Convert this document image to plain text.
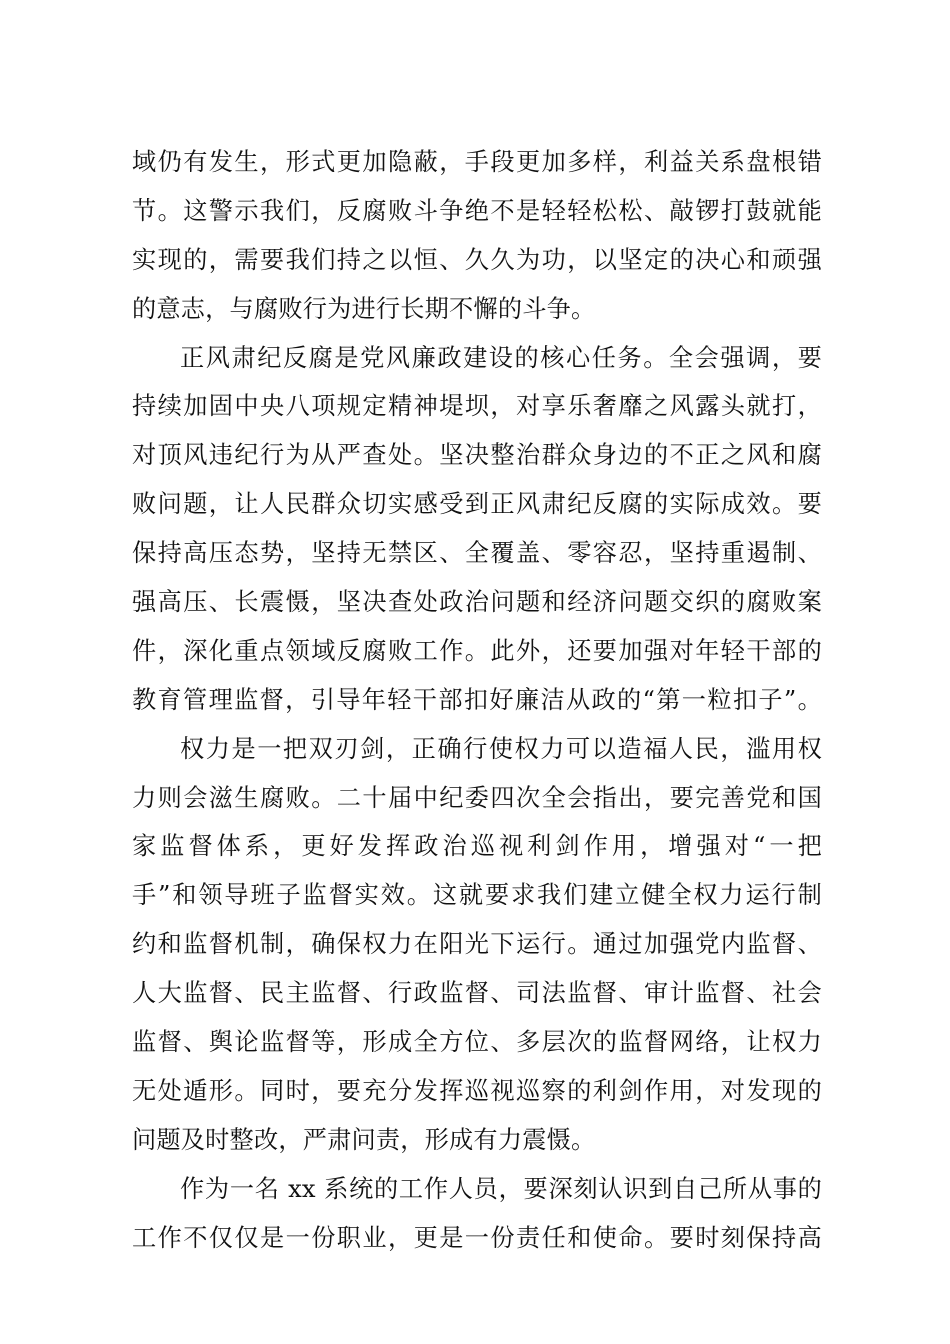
域仍有发生，形式更加隐蔽，手段更加多样，利益关系盘根错
节。这警示我们，反腐败斗争绝不是轻轻松松、敲锣打鼓就能
实现的，需要我们持之以恒、久久为功，以坚定的决心和顽强
的意志，与腐败行为进行长期不懈的斗争。
正风肃纪反腐是党风廉政建设的核心任务。全会强调，要
持续加固中央八项规定精神堤坝，对享乐奢靡之风露头就打，
对顶风违纪行为从严查处。坚决整治群众身边的不正之风和腐
败问题，让人民群众切实感受到正风肃纪反腐的实际成效。要
保持高压态势，坚持无禁区、全覆盖、零容忍，坚持重遏制、
强高压、长震慑，坚决查处政治问题和经济问题交织的腐败案
件，深化重点领域反腐败工作。此外，还要加强对年轻干部的
教育管理监督，引导年轻干部扣好廉洁从政的“第一粒扣子”。
权力是一把双刃剑，正确行使权力可以造福人民，滥用权
力则会滋生腐败。二十届中纪委四次全会指出，要完善党和国
家监督体系，更好发挥政治巡视利剑作用，增强对“一把
手”和领导班子监督实效。这就要求我们建立健全权力运行制
约和监督机制，确保权力在阳光下运行。通过加强党内监督、
人大监督、民主监督、行政监督、司法监督、审计监督、社会
监督、舆论监督等，形成全方位、多层次的监督网络，让权力
无处遁形。同时，要充分发挥巡视巡察的利剑作用，对发现的
问题及时整改，严肃问责，形成有力震慑。
作为一名 xx 系统的工作人员，要深刻认识到自己所从事的
工作不仅仅是一份职业，更是一份责任和使命。要时刻保持高
